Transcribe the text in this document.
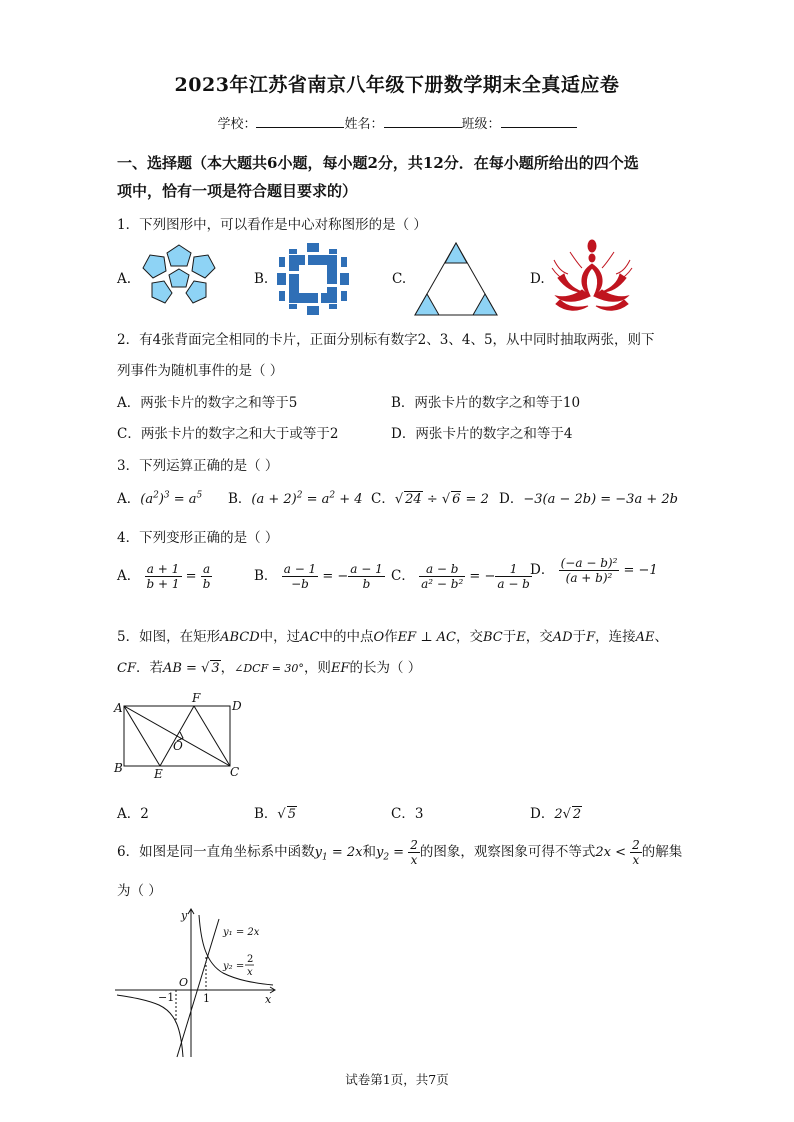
2023年江苏省南京八年级下册数学期末全真适应卷
学校：	姓名：	班级：
一、选择题（本大题共6小题，每小题2分，共12分．在每小题所给出的四个选
项中，恰有一项是符合题目要求的）
1．下列图形中，可以看作是中心对称图形的是（ ）
A.	B.	C.	D.
2．有4张背面完全相同的卡片，正面分别标有数字2、3、4、5，从中同时抽取两张，则下
列事件为随机事件的是（ ）
A．两张卡片的数字之和等于5	B．两张卡片的数字之和等于10
C．两张卡片的数字之和大于或等于2	D．两张卡片的数字之和等于4
3．下列运算正确的是（ ）
A．$(a^2)^3 = a^5$ B．$(a + 2)^2 = a^2 + 4$ C．√ 24 ÷ √ 6 = 2 D．−3(a − 2b) = −3a + 2b
4．下列变形正确的是（ ）
A． $\frac{a + 1}{b + 1} = \frac{a}{b}$	B． $\frac{a - 1}{-b}$ = − $\frac{a - 1}{b}$ C． $\frac{a - b}{\text{a² − b²}}$ = − $\frac{1}{a - b}$
D． $\frac{\text{(−a − b)²}}{\text{(a + b)²}} = -1$
5．如图，在矩形ABCD中，过AC中的中点O作EF ⊥ AC，交BC于E，交AD于F，连接AE、
CF．若AB = √ 3，∠DCF = 30°，则EF的长为（ ）
A
B	C
D
E
F
O
A．2	B．√ 5	C．3	D．2√ 2
6．如图是同一直角坐标系中函数$y_1 = 2x$和$y_2 = \frac{2}{x}$ 的图象，观察图象可得不等式$2x < \frac{2}{x}$ 的解集
为（ ）
y
x
O
−1	1
y₁ = 2x
y₂ =
2
x
试卷第1页，共7页
